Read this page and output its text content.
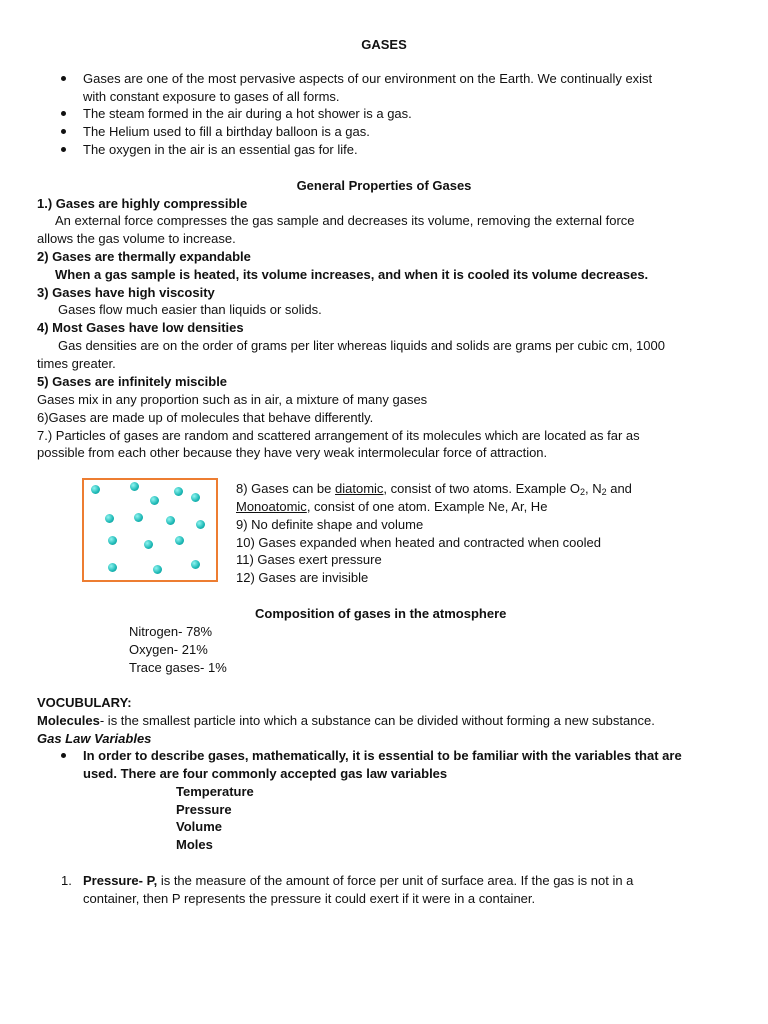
GASES
Gases are one of the most pervasive aspects of our environment on the Earth. We continually exist
with constant exposure to gases of all forms.
The steam formed in the air during a hot shower is a gas.
The Helium used to fill a birthday balloon is a gas.
The oxygen in the air is an essential gas for life.
General Properties of Gases
1.) Gases are highly compressible
An external force compresses the gas sample and decreases its volume, removing the external force
allows the gas volume to increase.
2) Gases are thermally expandable
When a gas sample is heated, its volume increases, and when it is cooled its volume decreases.
3) Gases have high viscosity
Gases flow much easier than liquids or solids.
4) Most Gases have low densities
Gas densities are on the order of grams per liter whereas liquids and solids are grams per cubic cm, 1000
times greater.
5) Gases are infinitely miscible
Gases mix in any proportion such as in air, a mixture of many gases
6)Gases are made up of molecules that behave differently.
7.) Particles of gases are random and scattered arrangement of its molecules which are located as far as
possible from each other because they have very weak intermolecular force of attraction.
8) Gases can be diatomic, consist of two atoms. Example $O_2$, $N_2$ and
Monoatomic, consist of one atom. Example Ne, Ar, He
9) No definite shape and volume
10) Gases expanded when heated and contracted when cooled
11) Gases exert pressure
12) Gases are invisible
Composition of gases in the atmosphere
Nitrogen- 78%
Oxygen- 21%
Trace gases- 1%
VOCUBULARY:
Molecules- is the smallest particle into which a substance can be divided without forming a new substance.
Gas Law Variables
In order to describe gases, mathematically, it is essential to be familiar with the variables that are
used. There are four commonly accepted gas law variables
Temperature
Pressure
Volume
Moles
1. Pressure- P, is the measure of the amount of force per unit of surface area. If the gas is not in a
container, then P represents the pressure it could exert if it were in a container.
